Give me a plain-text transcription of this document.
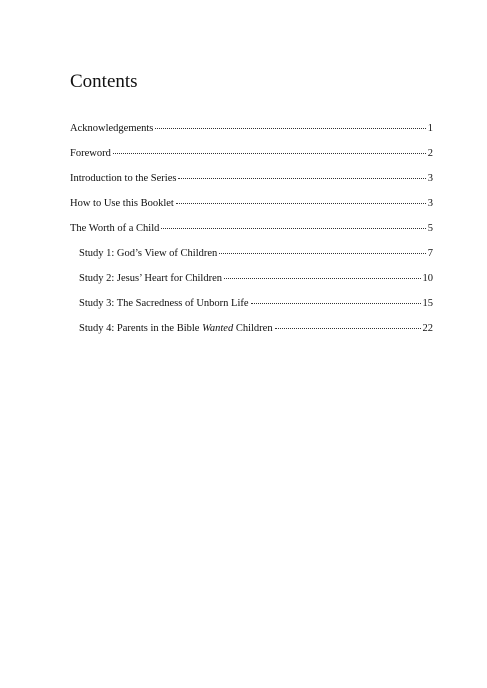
Contents
Acknowledgements	1
Foreword	2
Introduction to the Series	3
How to Use this Booklet	3
The Worth of a Child	5
Study 1: God’s View of Children	7
Study 2: Jesus’ Heart for Children	10
Study 3: The Sacredness of Unborn Life	15
Study 4: Parents in the Bible Wanted Children	22
